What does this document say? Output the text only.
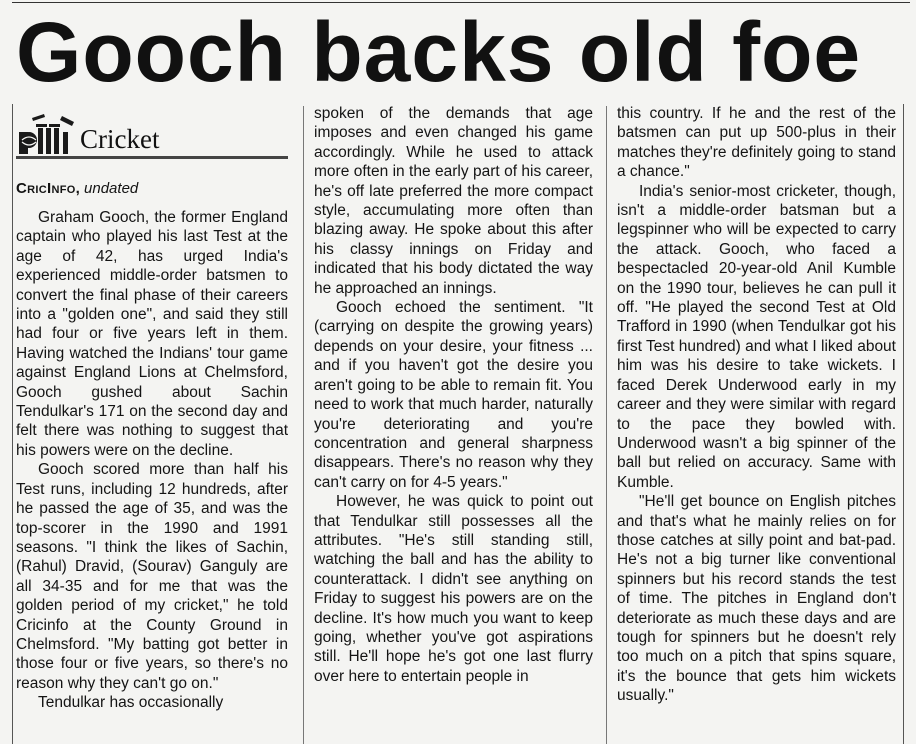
Gooch backs old foe
Cricket
CricInfo, undated

Graham Gooch, the former England captain who played his last Test at the age of 42, has urged India's experienced middle-order batsmen to convert the final phase of their careers into a "golden one", and said they still had four or five years left in them. Having watched the Indians' tour game against England Lions at Chelmsford, Gooch gushed about Sachin Tendulkar's 171 on the second day and felt there was nothing to suggest that his powers were on the decline.

Gooch scored more than half his Test runs, including 12 hundreds, after he passed the age of 35, and was the top-scorer in the 1990 and 1991 seasons. "I think the likes of Sachin, (Rahul) Dravid, (Sourav) Ganguly are all 34-35 and for me that was the golden period of my cricket," he told Cricinfo at the County Ground in Chelmsford. "My batting got better in those four or five years, so there's no reason why they can't go on."

Tendulkar has occasionally

spoken of the demands that age imposes and even changed his game accordingly. While he used to attack more often in the early part of his career, he's off late preferred the more compact style, accumulating more often than blazing away. He spoke about this after his classy innings on Friday and indicated that his body dictated the way he approached an innings.

Gooch echoed the sentiment. "It (carrying on despite the growing years) depends on your desire, your fitness ... and if you haven't got the desire you aren't going to be able to remain fit. You need to work that much harder, naturally you're deteriorating and you're concentration and general sharpness disappears. There's no reason why they can't carry on for 4-5 years."

However, he was quick to point out that Tendulkar still possesses all the attributes. "He's still standing still, watching the ball and has the ability to counterattack. I didn't see anything on Friday to suggest his powers are on the decline. It's how much you want to keep going, whether you've got aspirations still. He'll hope he's got one last flurry over here to entertain people in

this country. If he and the rest of the batsmen can put up 500-plus in their matches they're definitely going to stand a chance."

India's senior-most cricketer, though, isn't a middle-order batsman but a legspinner who will be expected to carry the attack. Gooch, who faced a bespectacled 20-year-old Anil Kumble on the 1990 tour, believes he can pull it off. "He played the second Test at Old Trafford in 1990 (when Tendulkar got his first Test hundred) and what I liked about him was his desire to take wickets. I faced Derek Underwood early in my career and they were similar with regard to the pace they bowled with. Underwood wasn't a big spinner of the ball but relied on accuracy. Same with Kumble.

"He'll get bounce on English pitches and that's what he mainly relies on for those catches at silly point and bat-pad. He's not a big turner like conventional spinners but his record stands the test of time. The pitches in England don't deteriorate as much these days and are tough for spinners but he doesn't rely too much on a pitch that spins square, it's the bounce that gets him wickets usually."
